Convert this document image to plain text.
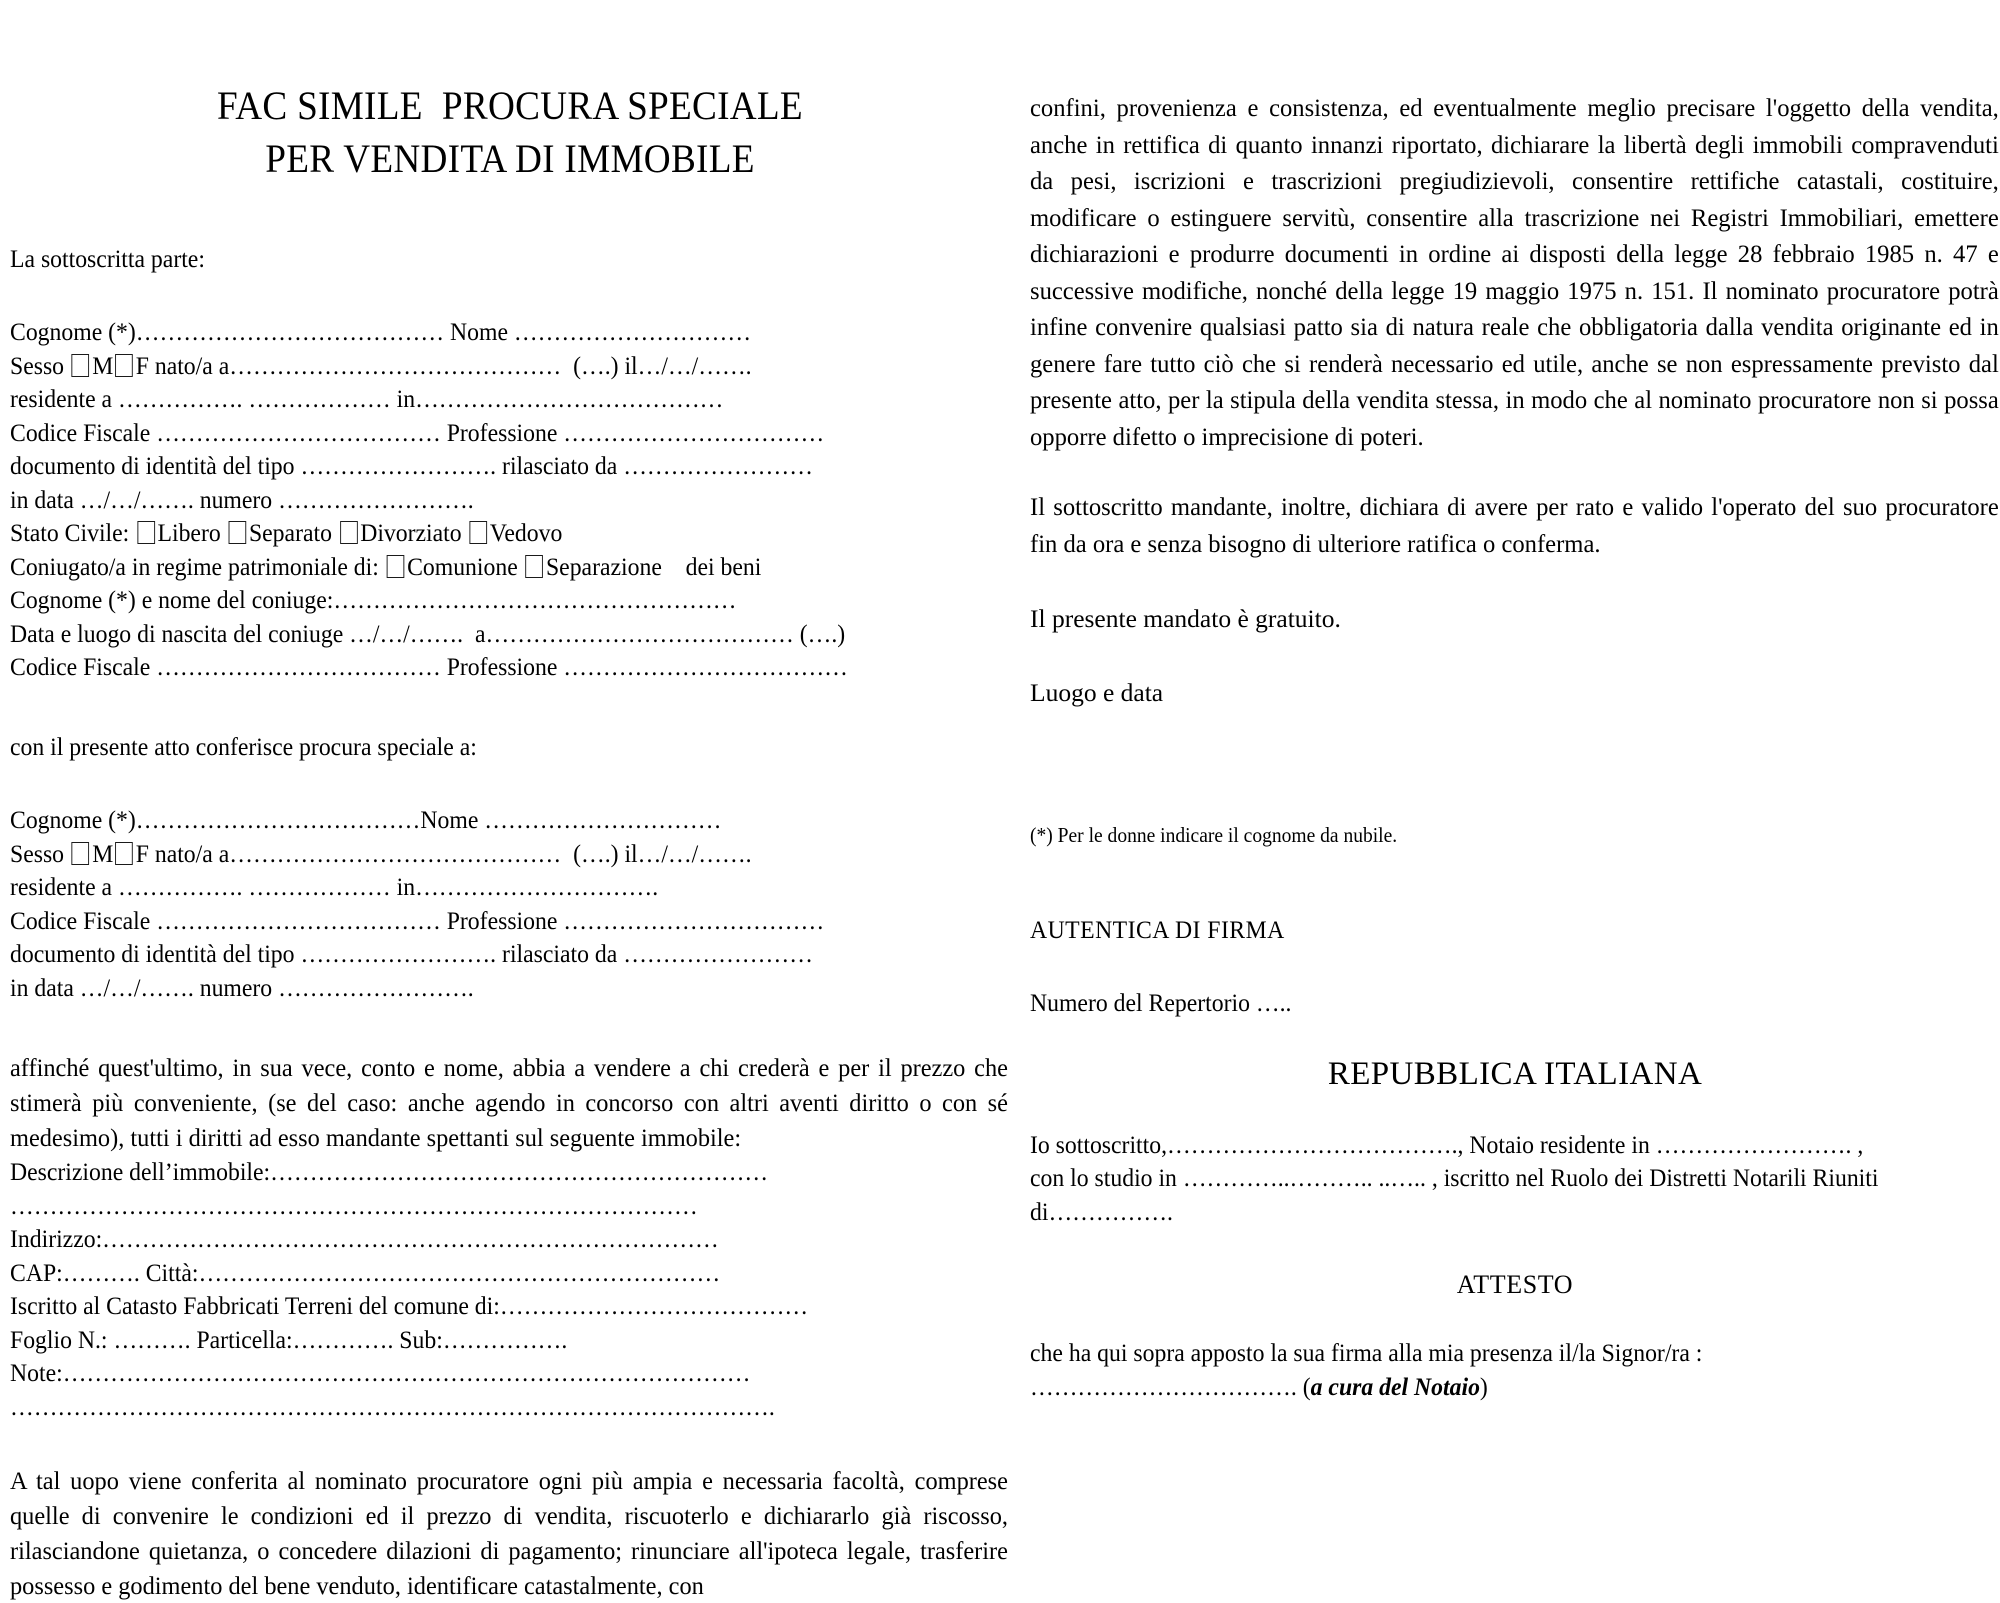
FAC SIMILE  PROCURA SPECIALE
PER VENDITA DI IMMOBILE
La sottoscritta parte:
Cognome (*)………………………………… Nome …………………………
Sesso M F nato/a a……………………………………  (….) il…/…/…….
residente a ……………. ……………… in…………………………………
Codice Fiscale ……………………………… Professione ……………………………
documento di identità del tipo ……………………. rilasciato da ……………………
in data …/…/……. numero …………………….
Stato Civile: Libero Separato Divorziato Vedovo
Coniugato/a in regime patrimoniale di: Comunione Separazione    dei beni
Cognome (*) e nome del coniuge:……………………………………………
Data e luogo di nascita del coniuge …/…/…….  a………………………………… (….)
Codice Fiscale ……………………………… Professione ………………………………
con il presente atto conferisce procura speciale a:
Cognome (*)………………………………Nome …………………………
Sesso M F nato/a a……………………………………  (….) il…/…/…….
residente a ……………. ……………… in………………………….
Codice Fiscale ……………………………… Professione ……………………………
documento di identità del tipo ……………………. rilasciato da ……………………
in data …/…/……. numero …………………….

affinché quest'ultimo, in sua vece, conto e nome, abbia a vendere a chi crederà e per il prezzo che stimerà più conveniente, (se del caso: anche agendo in concorso con altri aventi diritto o con sé medesimo), tutti i diritti ad esso mandante spettanti sul seguente immobile:

Descrizione dell’immobile:………………………………………………………
……………………………………………………………………………
Indirizzo:……………………………………………………………………
CAP:………. Città:…………………………………………………………
Iscritto al Catasto Fabbricati Terreni del comune di:…………………………………
Foglio N.: ………. Particella:…………. Sub:…………….
Note:……………………………………………………………………………
…………………………………………………………………………………….

A tal uopo viene conferita al nominato procuratore ogni più ampia e necessaria facoltà, comprese quelle di convenire le condizioni ed il prezzo di vendita, riscuoterlo e dichiararlo già riscosso, rilasciandone quietanza, o concedere dilazioni di pagamento; rinunciare all'ipoteca legale, trasferire possesso e godimento del bene venduto, identificare catastalmente, con

confini, provenienza e consistenza, ed eventualmente meglio precisare l'oggetto della vendita, anche in rettifica di quanto innanzi riportato, dichiarare la libertà degli immobili compravenduti da pesi, iscrizioni e trascrizioni pregiudizievoli, consentire rettifiche catastali, costituire, modificare o estinguere servitù, consentire alla trascrizione nei Registri Immobiliari, emettere dichiarazioni e produrre documenti in ordine ai disposti della legge 28 febbraio 1985 n. 47 e successive modifiche, nonché della legge 19 maggio 1975 n. 151. Il nominato procuratore potrà infine convenire qualsiasi patto sia di natura reale che obbligatoria dalla vendita originante ed in genere fare tutto ciò che si renderà necessario ed utile, anche se non espressamente previsto dal presente atto, per la stipula della vendita stessa, in modo che al nominato procuratore non si possa opporre difetto o imprecisione di poteri.

Il sottoscritto mandante, inoltre, dichiara di avere per rato e valido l'operato del suo procuratore fin da ora e senza bisogno di ulteriore ratifica o conferma.

Il presente mandato è gratuito.
Luogo e data
(*) Per le donne indicare il cognome da nubile.
AUTENTICA DI FIRMA
Numero del Repertorio …..
REPUBBLICA ITALIANA
Io sottoscritto,………………………………., Notaio residente in ……………………. ,
con lo studio in …………..……….. ..….. , iscritto nel Ruolo dei Distretti Notarili Riuniti
di…………….
ATTESTO
che ha qui sopra apposto la sua firma alla mia presenza il/la Signor/ra :
……………………………. (a cura del Notaio)
